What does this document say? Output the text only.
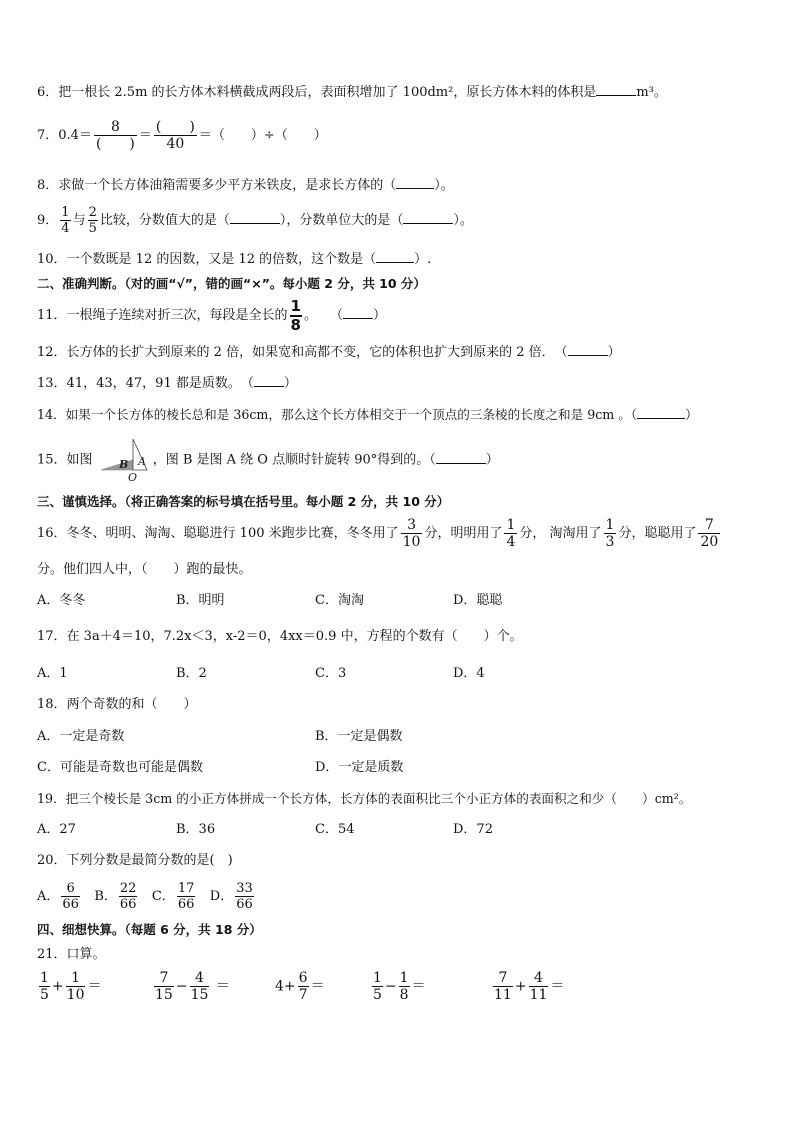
6．把一根长 2.5m 的长方体木料横截成两段后，表面积增加了 100dm²，原长方体木料的体积是	m³。
7．$0.4= \frac{8}{( )} = \frac{( )}{40}$ ＝（　　）÷（　　）
8．求做一个长方体油箱需要多少平方米铁皮，是求长方体的（	）。
9． $\frac{1}{4}$ 与 $\frac{2}{5}$ 比较，分数值大的是（	），分数单位大的是（	）。
10．一个数既是 12 的因数，又是 12 的倍数，这个数是（	）.
二、准确判断。（对的画“√”，错的画“×”。每小题 2 分，共 10 分）
11．一根绳子连续对折三次，每段是全长的 $\frac{1}{8}$ 。　　（ ）
12．长方体的长扩大到原来的 2 倍，如果宽和高都不变，它的体积也扩大到原来的 2 倍．　（	）
13．41，43，47，91 都是质数。　（ ）
14．如果一个长方体的棱长总和是 36cm，那么这个长方体相交于一个顶点的三条棱的长度之和是 9cm 。（	）
15．如图 B A
O
，图 B 是图 A 绕 O 点顺时针旋转 90°得到的。（	）
三、谨慎选择。（将正确答案的标号填在括号里。每小题 2 分，共 10 分）
16．冬冬、明明、淘淘、聪聪进行 100 米跑步比赛，冬冬用了 $\frac{3}{10}$ 分，明明用了 $\frac{1}{4}$ 分， 淘淘用了 $\frac{1}{3}$ 分，聪聪用了 $\frac{7}{20}$
分。他们四人中，（　　）跑的最快。
A．冬冬	B．明明	C．淘淘	D．聪聪
17．在 3a＋4＝10，7.2x＜3，x-2＝0，4xx＝0.9 中，方程的个数有（　　）个。
A．1	B．2	C．3	D．4
18．两个奇数的和（　　）
A．一定是奇数	B．一定是偶数
C．可能是奇数也可能是偶数	D．一定是质数
19．把三个棱长是 3cm 的小正方体拼成一个长方体，长方体的表面积比三个小正方体的表面积之和少（　　）cm²。
A．27	B．36	C．54	D．72
20．下列分数是最简分数的是(　)
A． $\frac{6}{66}$ B． $\frac{22}{66}$ C． $\frac{17}{66}$ D． $\frac{33}{66}$
四、细想快算。（每题 6 分，共 18 分）
21．口算。
$\frac{1}{5} + \frac{1}{10}$ ＝	$\frac{7}{15} - \frac{4}{15}$ ＝	$4+ \frac{6}{7}$ ＝	$\frac{1}{5} - \frac{1}{8}$ ＝	$\frac{7}{11} + \frac{4}{11}$ ＝
